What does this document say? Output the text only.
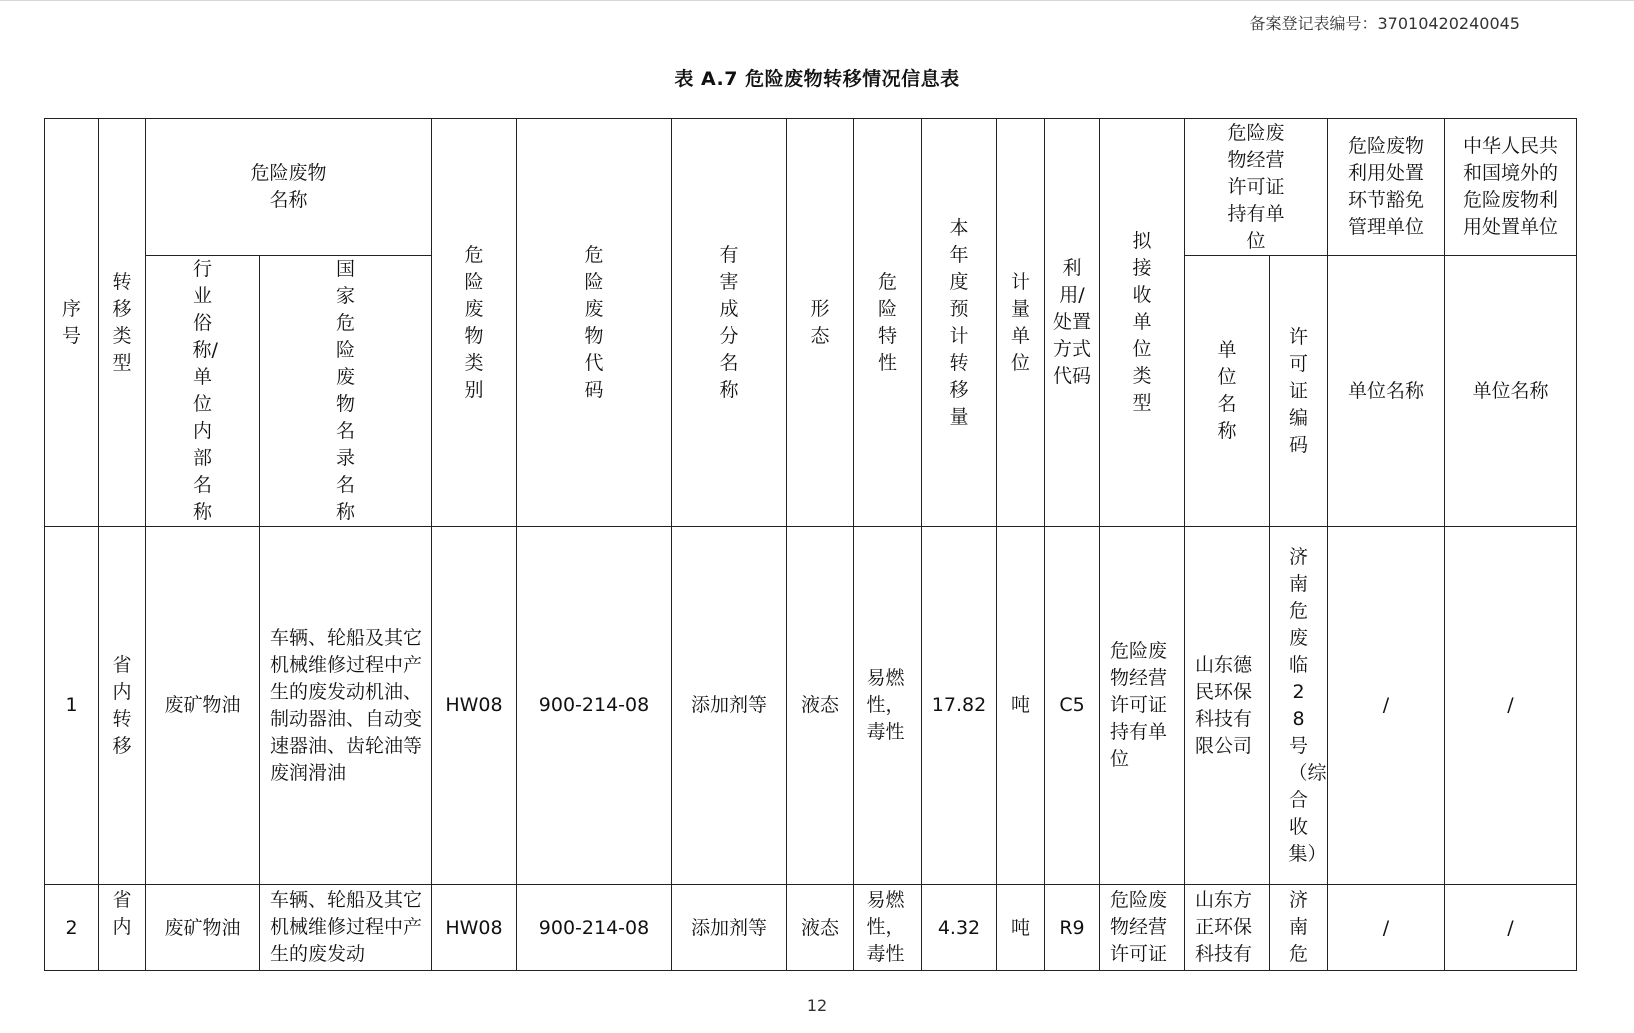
备案登记表编号：37010420240045
表 A.7 危险废物转移情况信息表
序号	转移类型	危险废物名称		危险废物类别	危险废物代码	有害成分名称	形态	危险特性	本年度预计转移量	计量单位	利用/处置方式代码	拟接收单位类型	危险废物经营许可证持有单位		危险废物利用处置环节豁免管理单位	中华人民共和国境外的危险废物利用处置单位

		行业俗称/单位内部名称	国家危险废物名录名称										单位名称	许可证编码	单位名称	单位名称
1	省内转移	废矿物油	车辆、轮船及其它机械维修过程中产生的废发动机油、制动器油、自动变速器油、齿轮油等废润滑油	HW08	900-214-08	添加剂等	液态	易燃性，毒性	17.82	吨	C5	危险废物经营许可证持有单位	山东德民环保科技有限公司	济南危废临28号（综合收集）	/	/
2	省内	废矿物油	车辆、轮船及其它机械维修过程中产生的废发动	HW08	900-214-08	添加剂等	液态	易燃性，毒性	4.32	吨	R9	危险废物经营许可证	山东方正环保科技有	济南危	/	/
12
